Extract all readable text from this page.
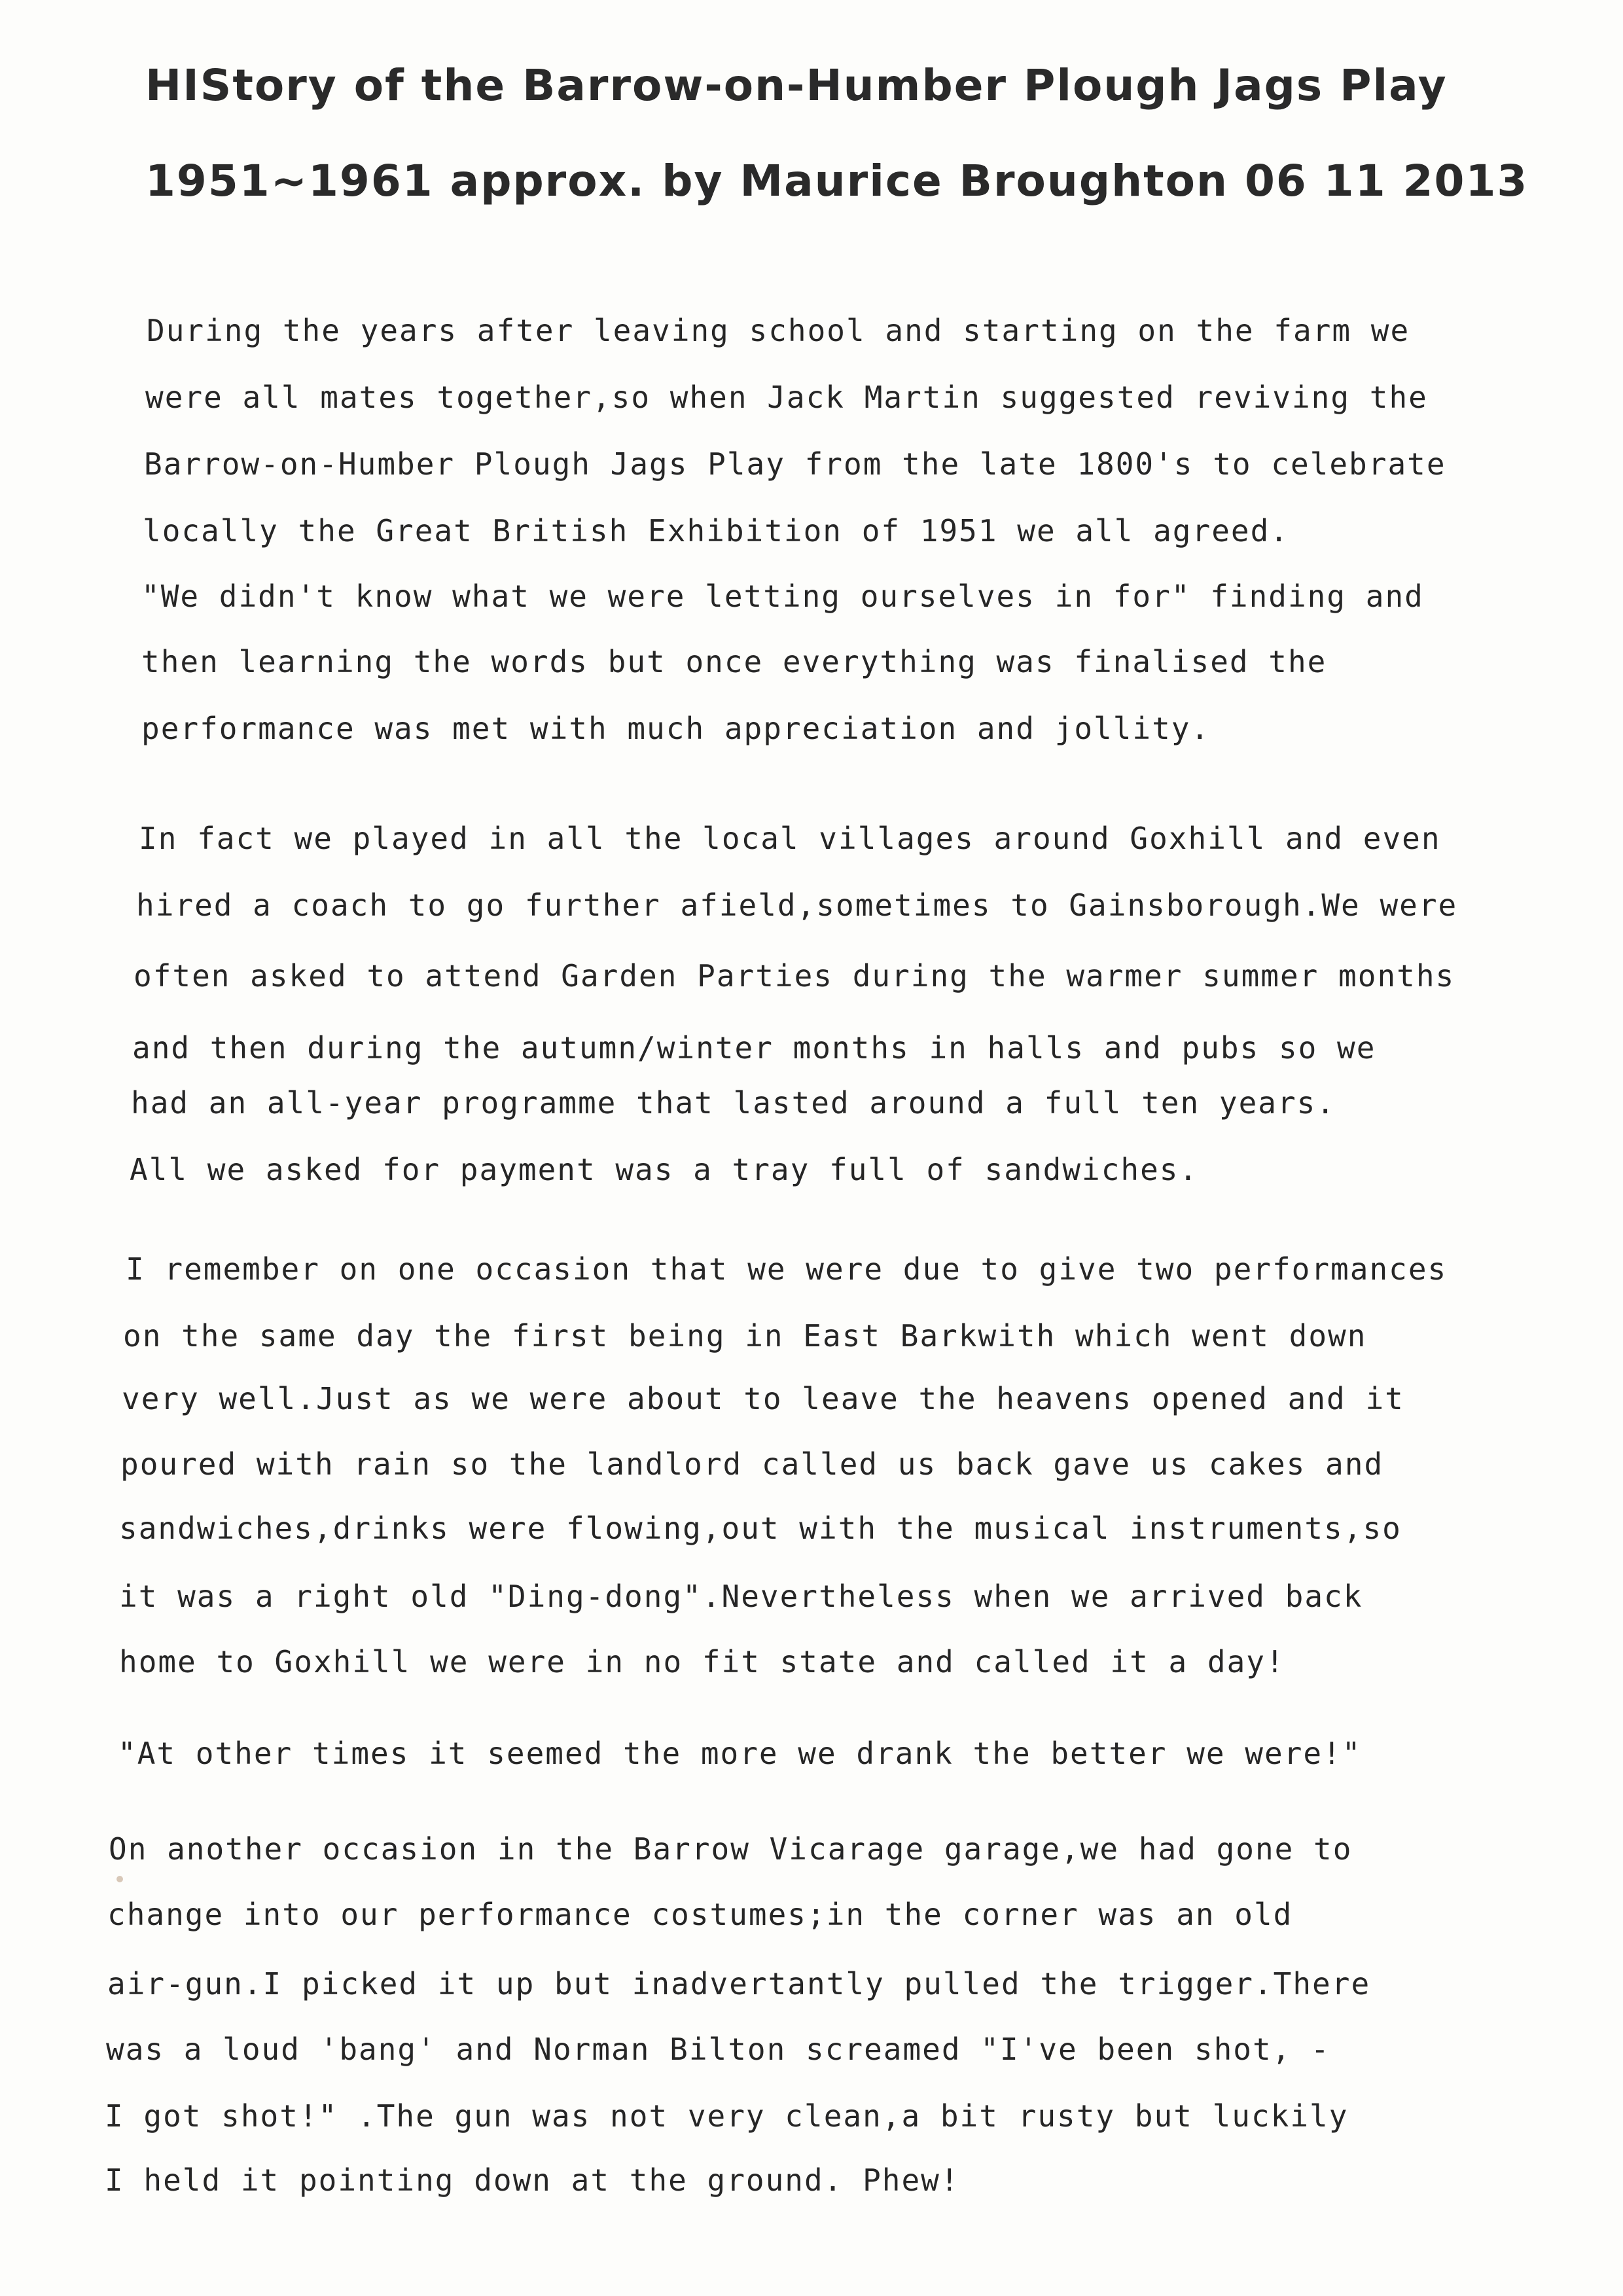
HIStory of the Barrow-on-Humber Plough Jags Play
1951~1961 approx. by Maurice Broughton 06 11 2013
During the years after leaving school and starting on the farm we
were all mates together,so when Jack Martin suggested reviving the
Barrow-on-Humber Plough Jags Play from the late 1800's to celebrate
locally the Great British Exhibition of 1951 we all agreed.
"We didn't know what we were letting ourselves in for" finding and
then learning the words but once everything was finalised the
performance was met with much appreciation and jollity.
In fact we played in all the local villages around Goxhill and even
hired a coach to go further afield,sometimes to Gainsborough.We were
often asked to attend Garden Parties during the warmer summer months
and then during the autumn/winter months in halls and pubs so we
had an all-year programme that lasted around a full ten years.
All we asked for payment was a tray full of sandwiches.
I remember on one occasion that we were due to give two performances
on the same day the first being in East Barkwith which went down
very well.Just as we were about to leave the heavens opened and it
poured with rain so the landlord called us back gave us cakes and
sandwiches,drinks were flowing,out with the musical instruments,so
it was a right old "Ding-dong".Nevertheless when we arrived back
home to Goxhill we were in no fit state and called it a day!
"At other times it seemed the more we drank the better we were!"
On another occasion in the Barrow Vicarage garage,we had gone to
change into our performance costumes;in the corner was an old
air-gun.I picked it up but inadvertantly pulled the trigger.There
was a loud 'bang' and Norman Bilton screamed "I've been shot, -
I got shot!" .The gun was not very clean,a bit rusty but luckily
I held it pointing down at the ground. Phew!
